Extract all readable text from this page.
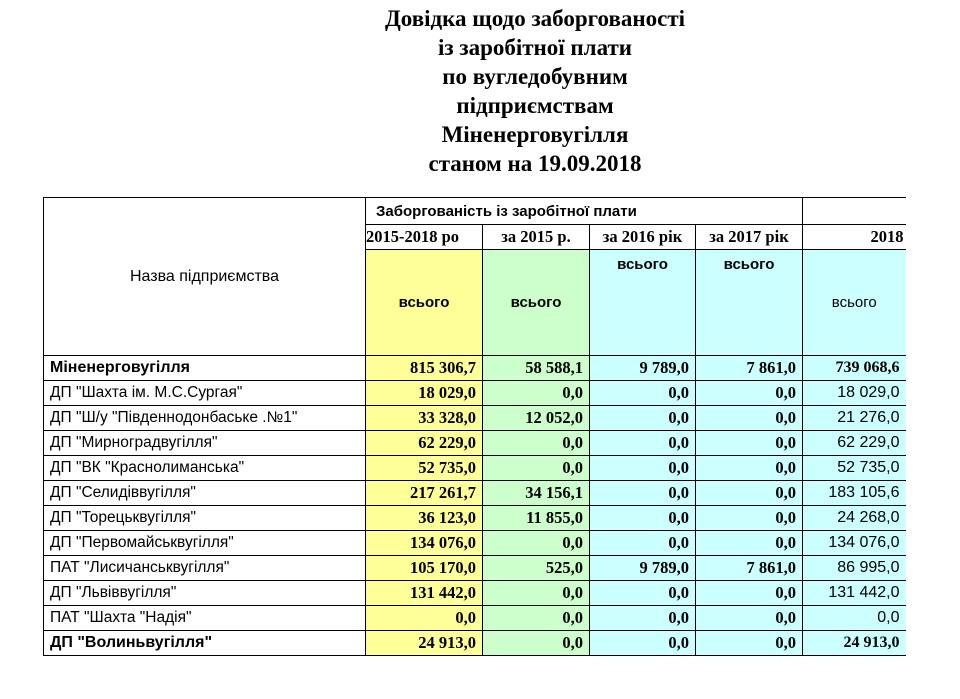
Довідка щодо заборгованості
із заробітної плати
по вугледобувним
підприємствам
Міненерговугілля
станом на 19.09.2018
Назва підприємства	Заборгованість із заробітної плати				
	2015-2018 ро	за 2015 р.	за 2016 рік	за 2017 рік	2018
	всього	всього	всього	всього	всього
Міненерговугілля	815 306,7	58 588,1	9 789,0	7 861,0	739 068,6
ДП "Шахта ім. М.С.Сургая"	18 029,0	0,0	0,0	0,0	18 029,0
ДП "Ш/у "Південнодонбаське .№1"	33 328,0	12 052,0	0,0	0,0	21 276,0
ДП "Мирноградвугілля"	62 229,0	0,0	0,0	0,0	62 229,0
ДП "ВК "Краснолиманська"	52 735,0	0,0	0,0	0,0	52 735,0
ДП "Селидіввугілля"	217 261,7	34 156,1	0,0	0,0	183 105,6
ДП "Торецьквугілля"	36 123,0	11 855,0	0,0	0,0	24 268,0
ДП "Первомайськвугілля"	134 076,0	0,0	0,0	0,0	134 076,0
ПАТ "Лисичанськвугілля"	105 170,0	525,0	9 789,0	7 861,0	86 995,0
ДП "Львіввугілля"	131 442,0	0,0	0,0	0,0	131 442,0
ПАТ "Шахта "Надія"	0,0	0,0	0,0	0,0	0,0
ДП "Волиньвугілля"	24 913,0	0,0	0,0	0,0	24 913,0
